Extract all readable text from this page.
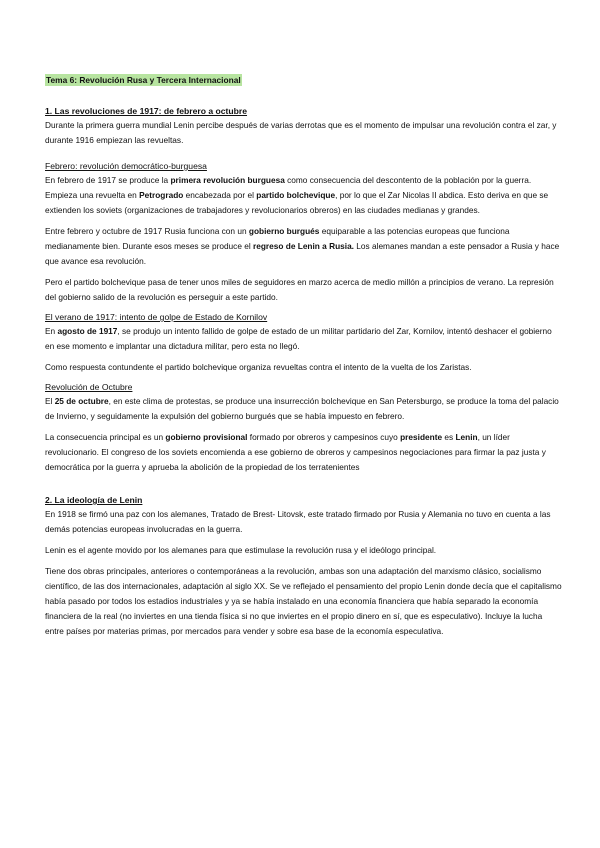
Tema 6: Revolución Rusa y Tercera Internacional
1. Las revoluciones de 1917: de febrero a octubre

Durante la primera guerra mundial Lenin percibe después de varias derrotas que es el momento de impulsar una revolución contra el zar, y durante 1916 empiezan las revueltas.

Febrero: revolución democrático-burguesa

En febrero de 1917 se produce la primera revolución burguesa como consecuencia del descontento de la población por la guerra. Empieza una revuelta en Petrogrado encabezada por el partido bolchevique, por lo que el Zar Nicolas II abdica. Esto deriva en que se extienden los soviets (organizaciones de trabajadores y revolucionarios obreros) en las ciudades medianas y grandes.

Entre febrero y octubre de 1917 Rusia funciona con un gobierno burgués equiparable a las potencias europeas que funciona medianamente bien. Durante esos meses se produce el regreso de Lenin a Rusia. Los alemanes mandan a este pensador a Rusia y hace que avance esa revolución.

Pero el partido bolchevique pasa de tener unos miles de seguidores en marzo acerca de medio millón a principios de verano. La represión del gobierno salido de la revolución es perseguir a este partido.

El verano de 1917: intento de golpe de Estado de Kornilov

En agosto de 1917, se produjo un intento fallido de golpe de estado de un militar partidario del Zar, Kornilov, intentó deshacer el gobierno en ese momento e implantar una dictadura militar, pero esta no llegó.

Como respuesta contundente el partido bolchevique organiza revueltas contra el intento de la vuelta de los Zaristas.

Revolución de Octubre

El 25 de octubre, en este clima de protestas, se produce una insurrección bolchevique en San Petersburgo, se produce la toma del palacio de Invierno, y seguidamente la expulsión del gobierno burgués que se había impuesto en febrero.

La consecuencia principal es un gobierno provisional formado por obreros y campesinos cuyo presidente es Lenin, un líder revolucionario. El congreso de los soviets encomienda a ese gobierno de obreros y campesinos negociaciones para firmar la paz justa y democrática por la guerra y aprueba la abolición de la propiedad de los terratenientes

2. La ideología de Lenin

En 1918 se firmó una paz con los alemanes, Tratado de Brest- Litovsk, este tratado firmado por Rusia y Alemania no tuvo en cuenta a las demás potencias europeas involucradas en la guerra.

Lenin es el agente movido por los alemanes para que estimulase la revolución rusa y el ideólogo principal.

Tiene dos obras principales, anteriores o contemporáneas a la revolución, ambas son una adaptación del marxismo clásico, socialismo científico, de las dos internacionales, adaptación al siglo XX. Se ve reflejado el pensamiento del propio Lenin donde decía que el capitalismo había pasado por todos los estadios industriales y ya se había instalado en una economía financiera que había separado la economía financiera de la real (no inviertes en una tienda física si no que inviertes en el propio dinero en sí, que es especulativo). Incluye la lucha entre países por materias primas, por mercados para vender y sobre esa base de la economía especulativa.
